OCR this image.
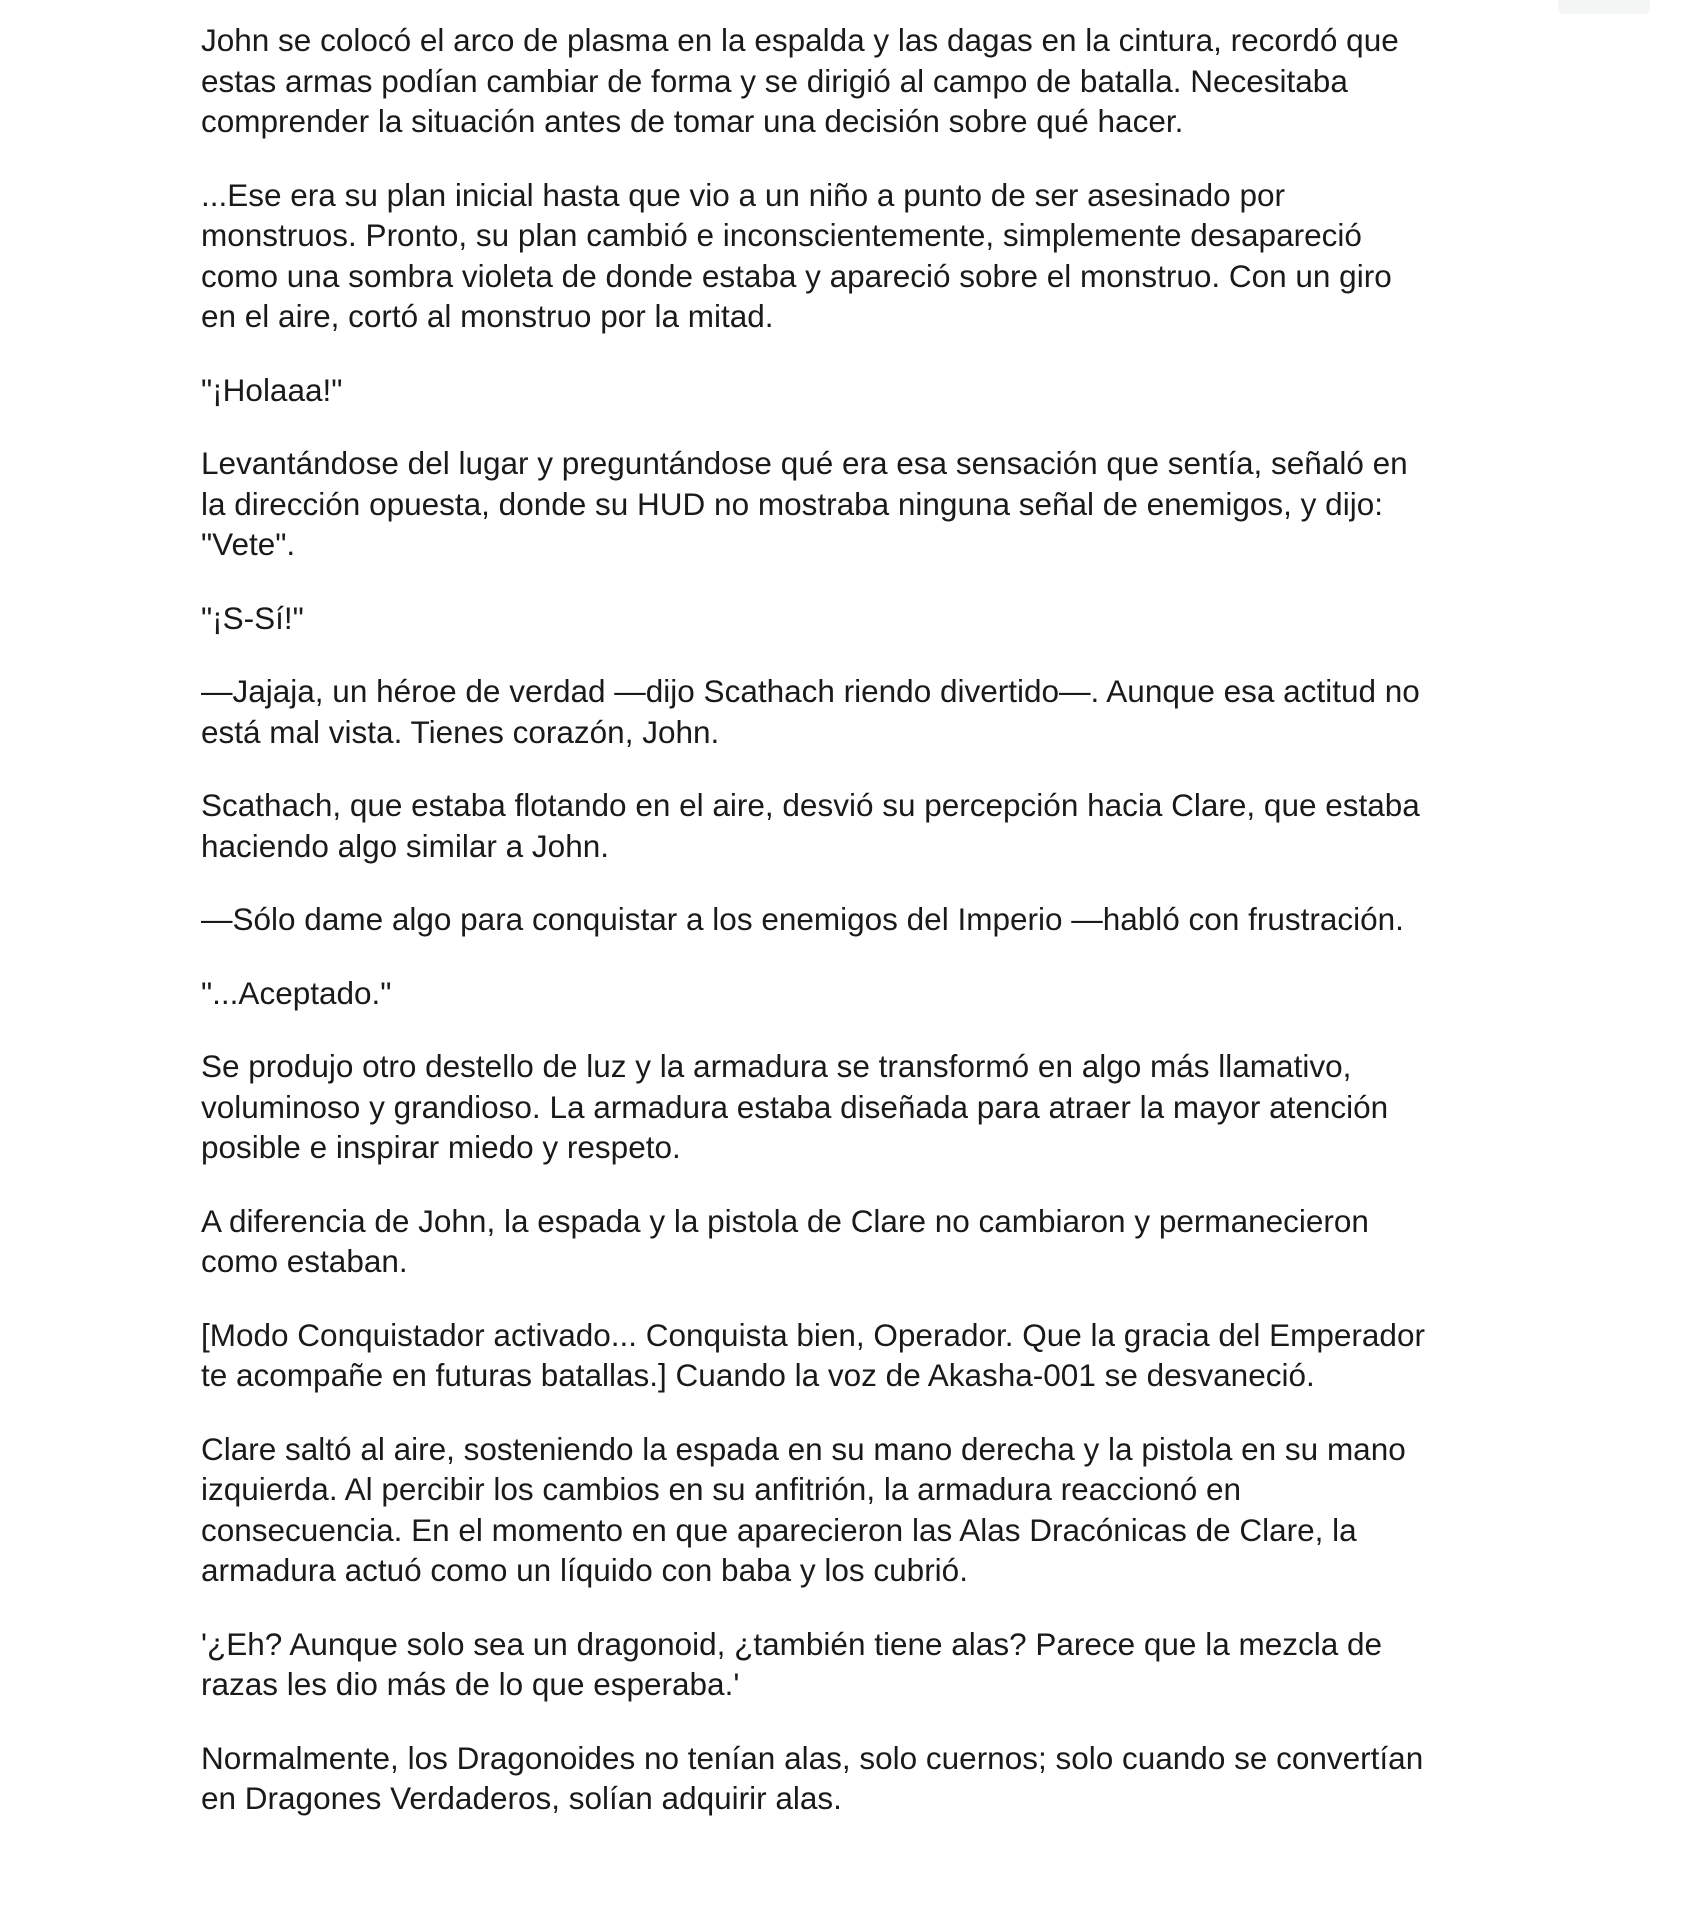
John se colocó el arco de plasma en la espalda y las dagas en la cintura, recordó que
estas armas podían cambiar de forma y se dirigió al campo de batalla. Necesitaba
comprender la situación antes de tomar una decisión sobre qué hacer.

...Ese era su plan inicial hasta que vio a un niño a punto de ser asesinado por
monstruos. Pronto, su plan cambió e inconscientemente, simplemente desapareció
como una sombra violeta de donde estaba y apareció sobre el monstruo. Con un giro
en el aire, cortó al monstruo por la mitad.

"¡Holaaa!"

Levantándose del lugar y preguntándose qué era esa sensación que sentía, señaló en
la dirección opuesta, donde su HUD no mostraba ninguna señal de enemigos, y dijo:
"Vete".

"¡S-Sí!"

—Jajaja, un héroe de verdad —dijo Scathach riendo divertido—. Aunque esa actitud no
está mal vista. Tienes corazón, John.

Scathach, que estaba flotando en el aire, desvió su percepción hacia Clare, que estaba
haciendo algo similar a John.

—Sólo dame algo para conquistar a los enemigos del Imperio —habló con frustración.

"...Aceptado."

Se produjo otro destello de luz y la armadura se transformó en algo más llamativo,
voluminoso y grandioso. La armadura estaba diseñada para atraer la mayor atención
posible e inspirar miedo y respeto.

A diferencia de John, la espada y la pistola de Clare no cambiaron y permanecieron
como estaban.

[Modo Conquistador activado... Conquista bien, Operador. Que la gracia del Emperador
te acompañe en futuras batallas.] Cuando la voz de Akasha-001 se desvaneció.

Clare saltó al aire, sosteniendo la espada en su mano derecha y la pistola en su mano
izquierda. Al percibir los cambios en su anfitrión, la armadura reaccionó en
consecuencia. En el momento en que aparecieron las Alas Dracónicas de Clare, la
armadura actuó como un líquido con baba y los cubrió.

'¿Eh? Aunque solo sea un dragonoid, ¿también tiene alas? Parece que la mezcla de
razas les dio más de lo que esperaba.'

Normalmente, los Dragonoides no tenían alas, solo cuernos; solo cuando se convertían
en Dragones Verdaderos, solían adquirir alas.
